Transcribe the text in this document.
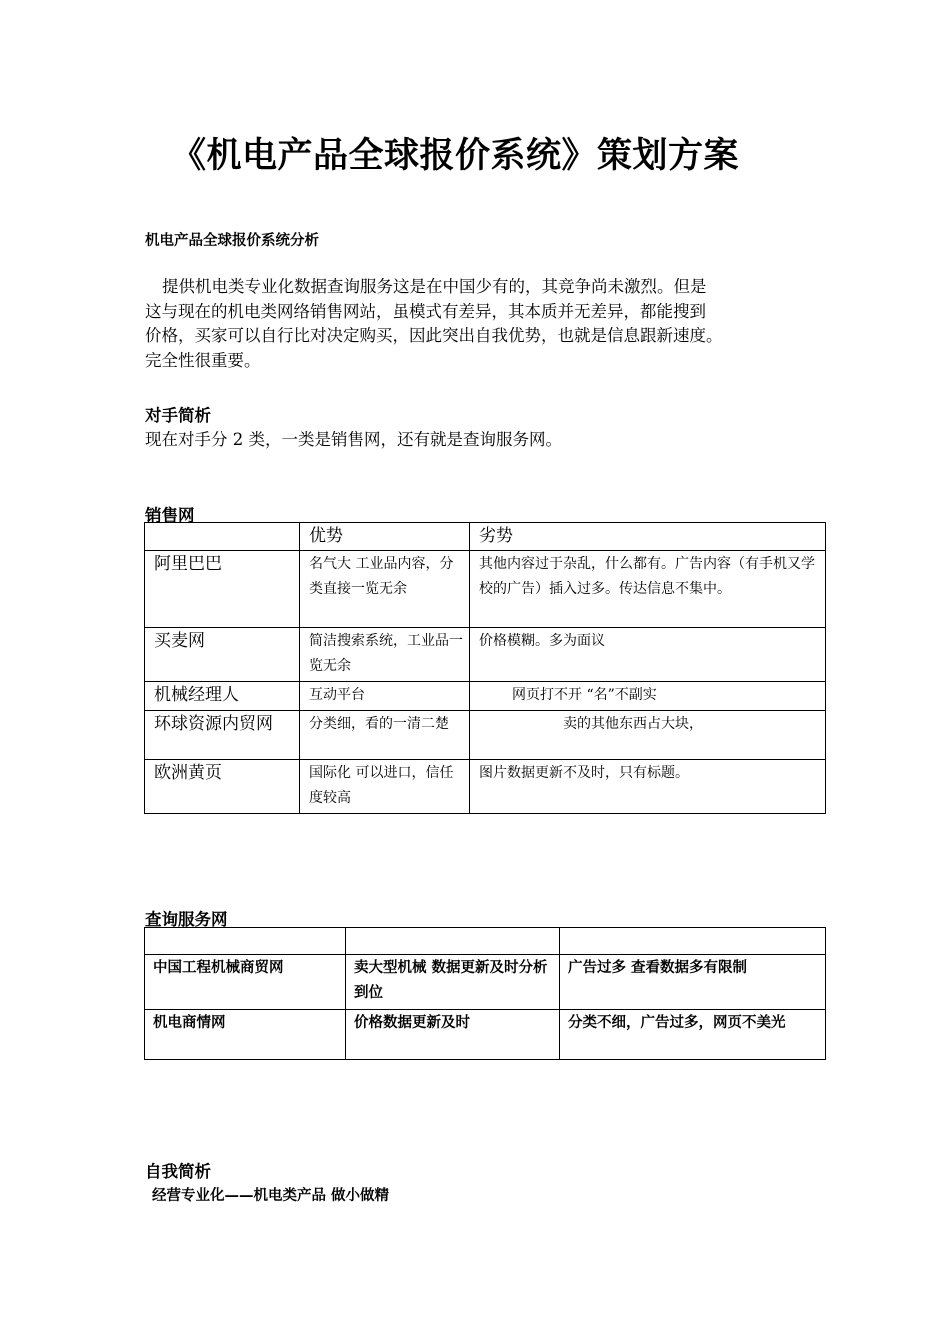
《机电产品全球报价系统》策划方案
机电产品全球报价系统分析

提供机电类专业化数据查询服务这是在中国少有的，其竞争尚未激烈。但是

这与现在的机电类网络销售网站，虽模式有差异，其本质并无差异，都能搜到

价格，买家可以自行比对决定购买，因此突出自我优势，也就是信息跟新速度。

完全性很重要。

对手简析
现在对手分 2 类，一类是销售网，还有就是查询服务网。
销售网
	优势	劣势
阿里巴巴	名气大 工业品内容，分类直接一览无余	其他内容过于杂乱，什么都有。广告内容（有手机又学校的广告）插入过多。传达信息不集中。
买麦网	简洁搜索系统，工业品一览无余	价格模糊。多为面议
机械经理人	互动平台	网页打不开 “名”不副实
环球资源内贸网	分类细，看的一清二楚	卖的其他东西占大块，
欧洲黄页	国际化 可以进口，信任度较高	图片数据更新不及时，只有标题。
查询服务网

中国工程机械商贸网	卖大型机械 数据更新及时分析到位	广告过多 查看数据多有限制
机电商情网	价格数据更新及时	分类不细，广告过多，网页不美光
自我简析
经营专业化——机电类产品 做小做精
